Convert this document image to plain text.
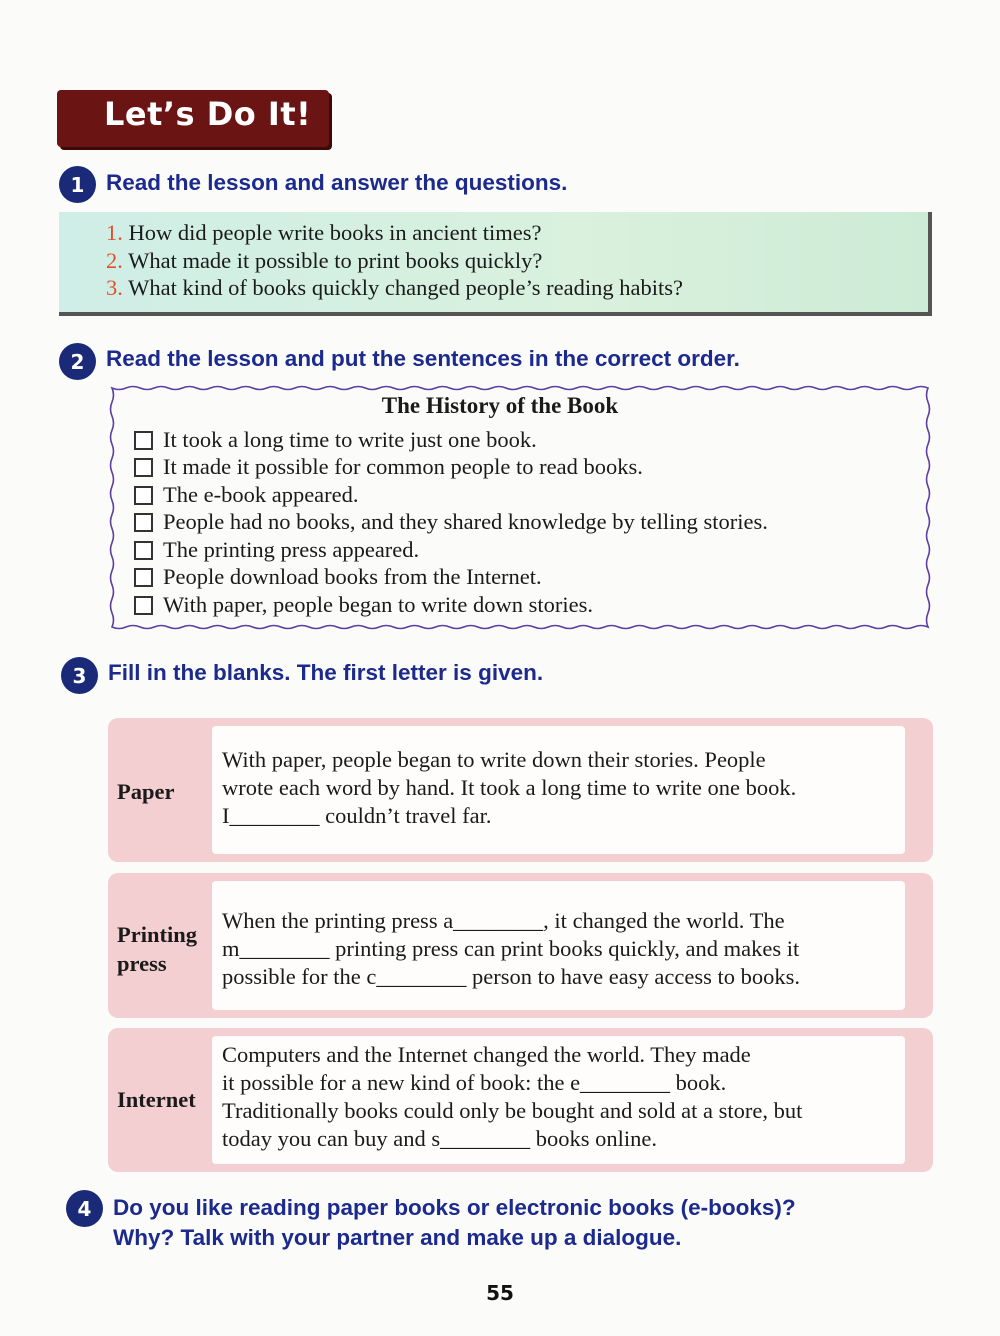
Let’s Do It!
1 Read the lesson and answer the questions.
1. How did people write books in ancient times?
2. What made it possible to print books quickly?
3. What kind of books quickly changed people’s reading habits?
2 Read the lesson and put the sentences in the correct order.
The History of the Book
It took a long time to write just one book.
It made it possible for common people to read books.
The e-book appeared.
People had no books, and they shared knowledge by telling stories.
The printing press appeared.
People download books from the Internet.
With paper, people began to write down stories.
3 Fill in the blanks. The first letter is given.
Paper
With paper, people began to write down their stories. People
wrote each word by hand. It took a long time to write one book.
I________ couldn’t travel far.
Printing
press
When the printing press a________, it changed the world. The
m________ printing press can print books quickly, and makes it
possible for the c________ person to have easy access to books.
Internet
Computers and the Internet changed the world. They made
it possible for a new kind of book: the e________ book.
Traditionally books could only be bought and sold at a store, but
today you can buy and s________ books online.
4 Do you like reading paper books or electronic books (e-books)?
Why? Talk with your partner and make up a dialogue.
55
